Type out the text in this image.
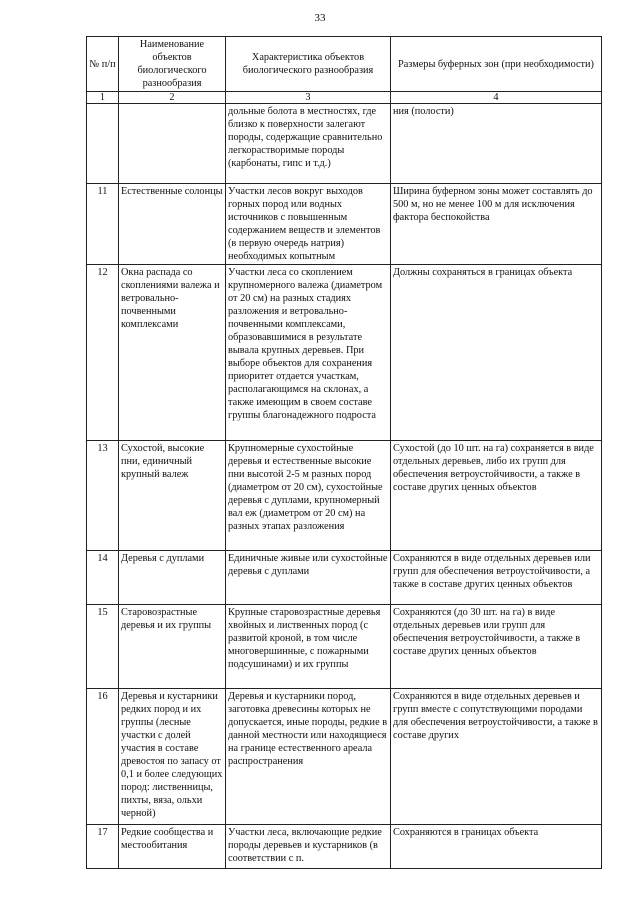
33
№ п/п	Наименование объектов биологического разнообразия	Характеристика объектов биологического разнообразия	Размеры буферных зон (при необходимости)
1	2	3	4
		дольные болота в местностях, где близко к поверхности залегают породы, содержащие сравнительно легкорастворимые породы (карбонаты, гипс и т.д.)	ния (полости)
11	Естественные солонцы	Участки лесов вокруг выходов горных пород или водных источников с повышенным содержанием веществ и элементов (в первую очередь натрия) необходимых копытным	Ширина буферном зоны может составлять до 500 м, но не менее 100 м для исключения фактора беспокойства
12	Окна распада со скоплениями валежа и ветровально-почвенными комплексами	Участки леса со скоплением крупномерного валежа (диаметром от 20 см) на разных стадиях разложения и ветровально-почвенными комплексами, образовавшимися в результате вывала крупных деревьев. При выборе объектов для сохранения приоритет отдается участкам, располагающимся на склонах, а также имеющим в своем составе группы благонадежного подроста	Должны сохраняться в границах объекта
13	Сухостой, высокие пни, единичный крупный валеж	Крупномерные сухостойные деревья и естественные высокие пни высотой 2-5 м разных пород (диаметром от 20 см), сухостойные деревья с дуплами, крупномерный вал еж (диаметром от 20 см) на разных этапах разложения	Сухостой (до 10 шт. на га) сохраняется в виде отдельных деревьев, либо их групп для обеспечения ветроустойчивости, а также в составе других ценных объектов
14	Деревья с дуплами	Единичные живые или сухостойные деревья с дуплами	Сохраняются в виде отдельных деревьев или групп для обеспечения ветроустойчивости, а также в составе других ценных объектов
15	Старовозрастные деревья и их группы	Крупные старовозрастные деревья хвойных и лиственных пород (с развитой кроной, в том числе многовершинные, с пожарными подсушинами) и их группы	Сохраняются (до 30 шт. на га) в виде отдельных деревьев или групп для обеспечения ветроустойчивости, а также в составе других ценных объектов
16	Деревья и кустарники редких пород и их группы (лесные участки с долей участия в составе древостоя по запасу от 0,1 и более следующих пород: лиственницы, пихты, вяза, ольхи черной)	Деревья и кустарники пород, заготовка древесины которых не допускается, иные породы, редкие в данной местности или находящиеся на границе естественного ареала распространения	Сохраняются в виде отдельных деревьев и групп вместе с сопутствующими породами для обеспечения ветроустойчивости, а также в составе других
17	Редкие сообщества и местообитания	Участки леса, включающие редкие породы деревьев и кустарников (в соответствии с п.	Сохраняются в границах объекта
